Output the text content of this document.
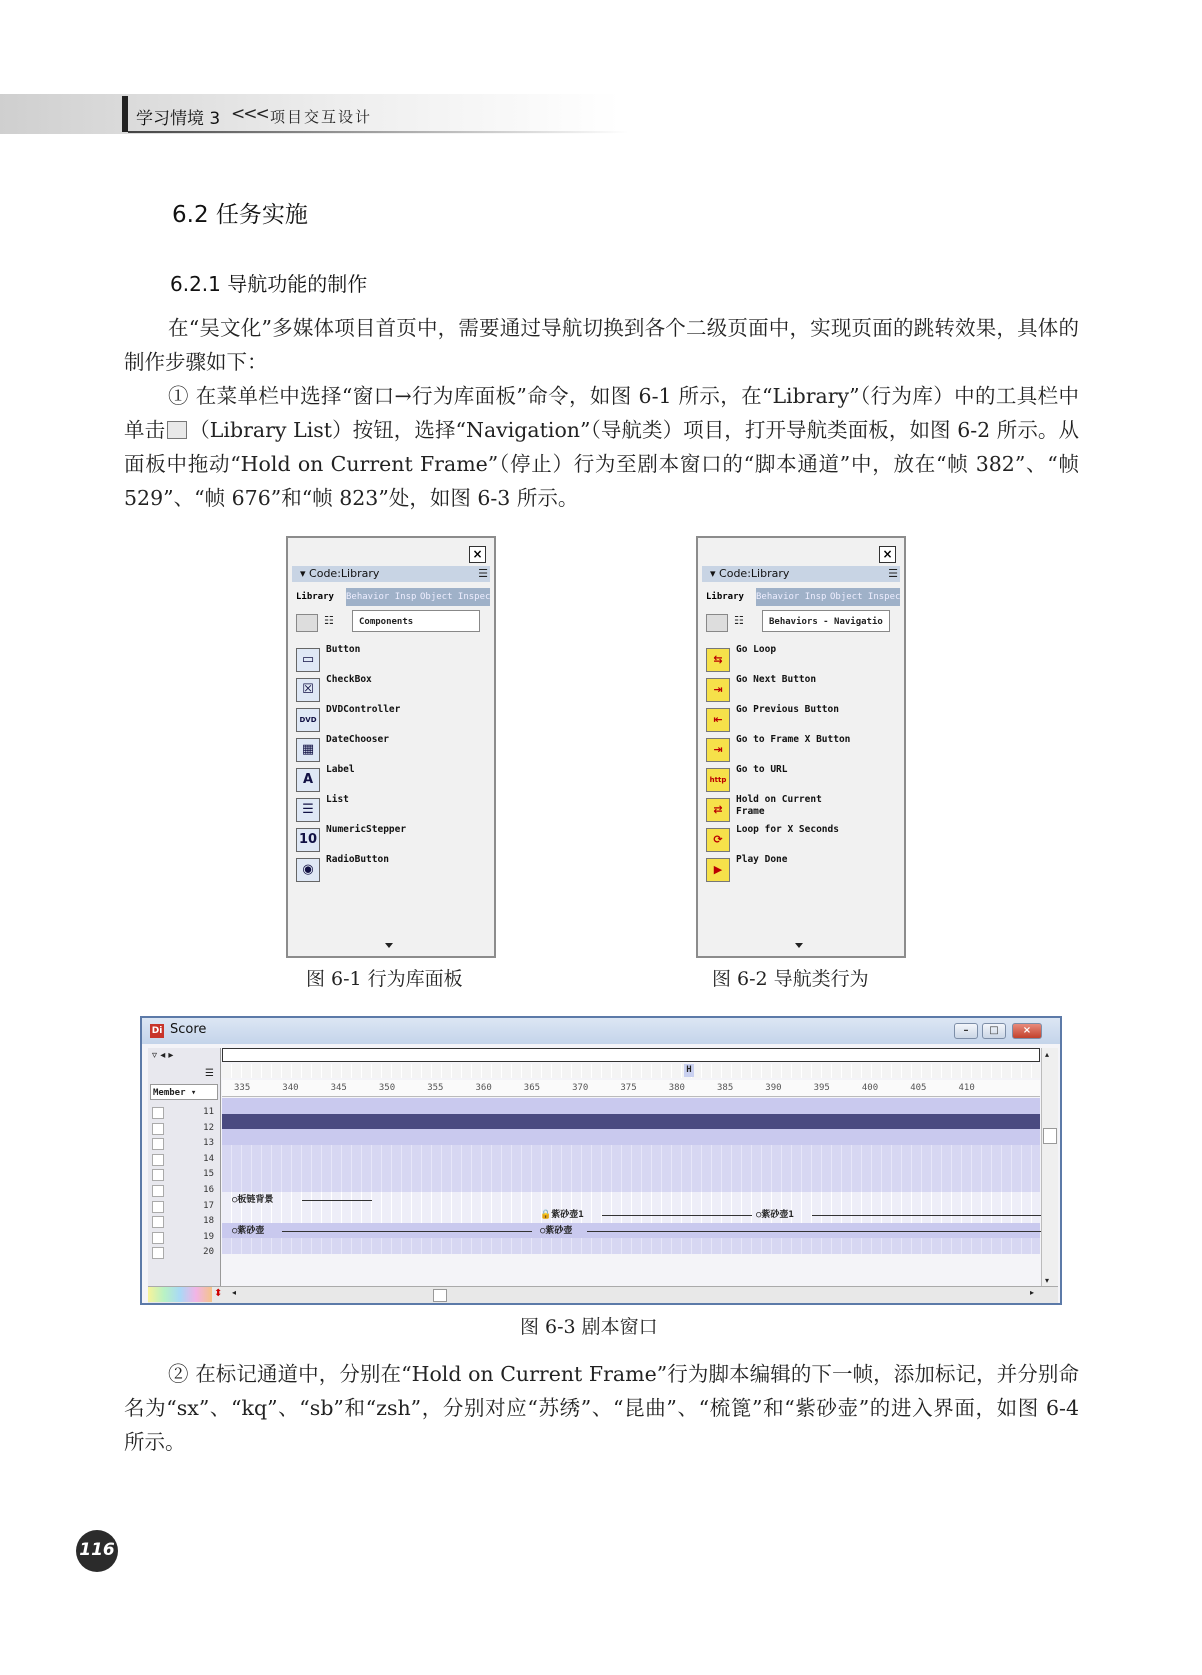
学习情境 3 <<< 项目交互设计
6.2 任务实施
6.2.1 导航功能的制作

在“吴文化”多媒体项目首页中，需要通过导航切换到各个二级页面中，实现页面的跳转效果，具体的制作步骤如下：

① 在菜单栏中选择“窗口→行为库面板”命令，如图 6-1 所示，在“Library”（行为库）中的工具栏中单击 （Library List）按钮，选择“Navigation”（导航类）项目，打开导航类面板，如图 6-2 所示。从面板中拖动“Hold on Current Frame”（停止）行为至剧本窗口的“脚本通道”中，放在“帧 382”、“帧 529”、“帧 676”和“帧 823”处，如图 6-3 所示。

×
▾ Code:Library	☰
Library	Behavior Insp Object Inspec
☷	Components
▭
Button
☒
CheckBox
DVD
DVDController
▦
DateChooser
A
Label
☰
List
10
NumericStepper
◉
RadioButton
图 6-1 行为库面板
×
▾ Code:Library	☰
Library	Behavior Insp Object Inspec
☷	Behaviors - Navigatio
⇆
Go Loop
⇥
Go Next Button
⇤
Go Previous Button
⇥
Go to Frame X Button
http
Go to URL
⇄
Hold on Current
Frame
⟳
Loop for X Seconds
▶
Play Done
图 6-2 导航类行为
Di Score	–	□	×
▿ ◂ ▸
☰
Member ▾
11
12
13
14
15
16
17
18
19
20
H
335	340	345	350	355	360	365	370	375	380	385	390	395	400	405	410
○板链背景
🔒紫砂壶1	○紫砂壶1
○紫砂壶	○紫砂壶
▴
▾
⬍ ◂	▸
图 6-3 剧本窗口

② 在标记通道中，分别在“Hold on Current Frame”行为脚本编辑的下一帧，添加标记，并分别命名为“sx”、“kq”、“sb”和“zsh”，分别对应“苏绣”、“昆曲”、“梳篦”和“紫砂壶”的进入界面，如图 6-4 所示。

116
